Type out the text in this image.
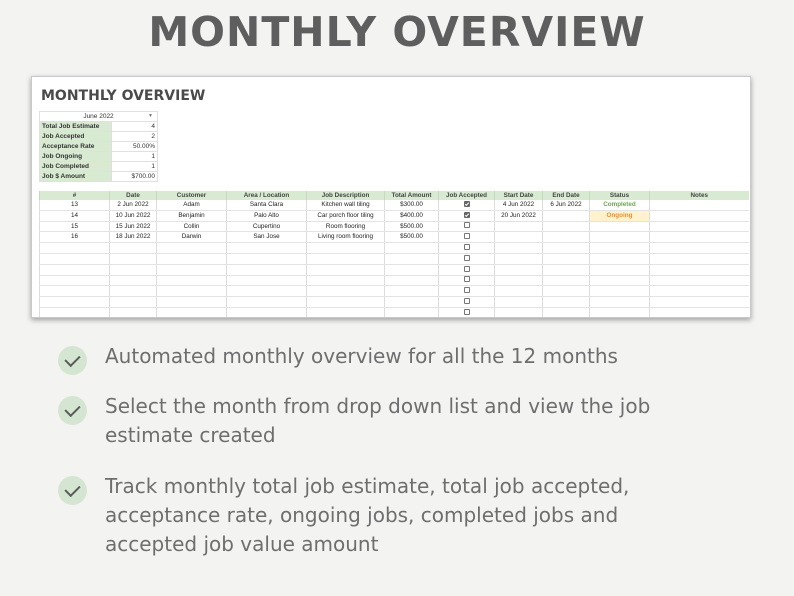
MONTHLY OVERVIEW
MONTHLY OVERVIEW
June 2022 ▼	

Total Job Estimate	4
Job Accepted	2
Acceptance Rate	50.00%
Job Ongoing	1
Job Completed	1
Job $ Amount	$700.00
#	Date	Customer	Area / Location	Job Description	Total Amount	Job Accepted	Start Date	End Date	Status	Notes
13	2 Jun 2022	Adam	Santa Clara	Kitchen wall tiling	$300.00		4 Jun 2022	6 Jun 2022	Completed	
14	10 Jun 2022	Benjamin	Palo Alto	Car porch floor tiling	$400.00		20 Jun 2022		Ongoing	
15	15 Jun 2022	Collin	Cupertino	Room flooring	$500.00					
16	18 Jun 2022	Darwin	San Jose	Living room flooring	$500.00					

Automated monthly overview for all the 12 months
Select the month from drop down list and view the job estimate created
Track monthly total job estimate, total job accepted, acceptance rate, ongoing jobs, completed jobs and accepted job value amount
